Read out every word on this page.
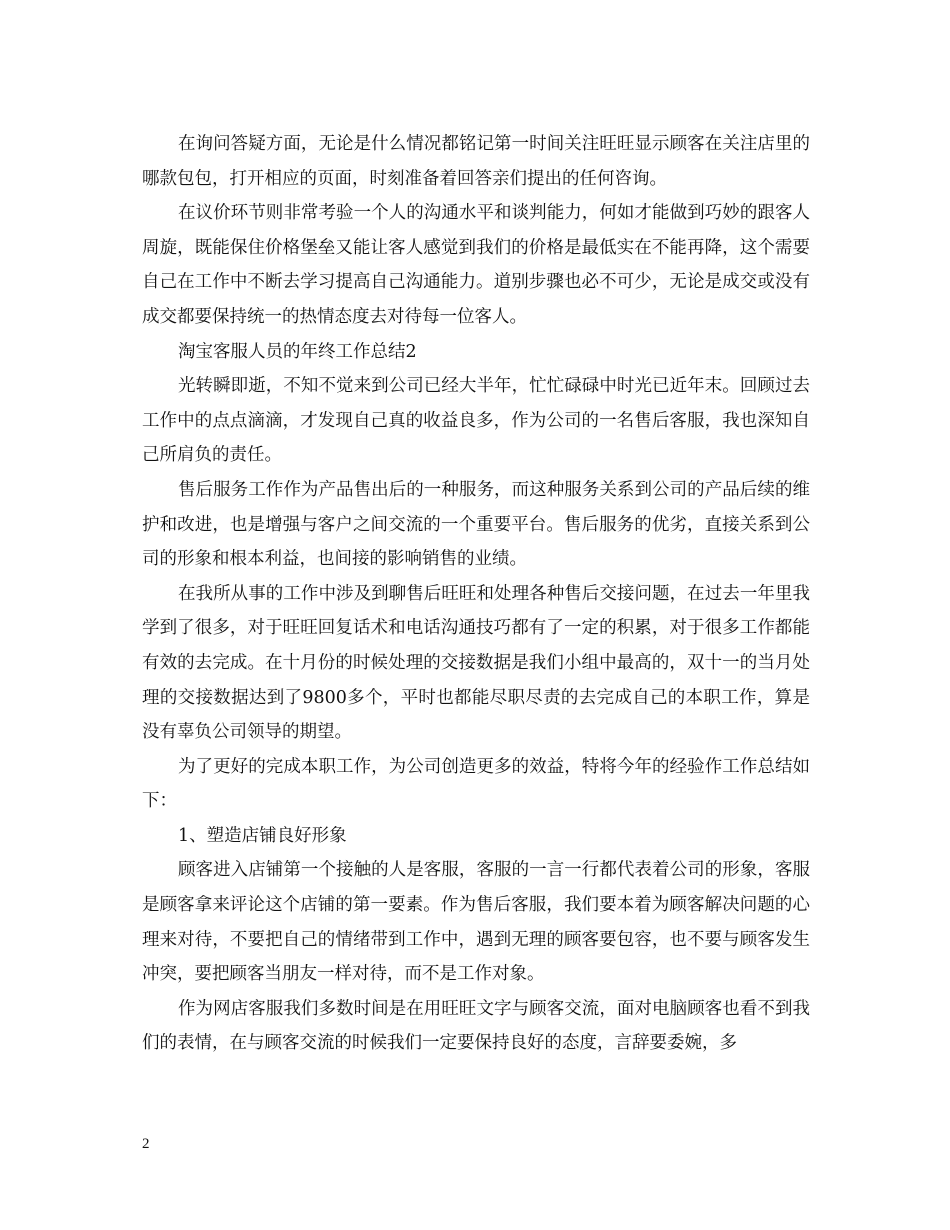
在询问答疑方面，无论是什么情况都铭记第一时间关注旺旺显示顾客在关注店里的哪款包包，打开相应的页面，时刻准备着回答亲们提出的任何咨询。

在议价环节则非常考验一个人的沟通水平和谈判能力，何如才能做到巧妙的跟客人周旋，既能保住价格堡垒又能让客人感觉到我们的价格是最低实在不能再降，这个需要自己在工作中不断去学习提高自己沟通能力。道别步骤也必不可少，无论是成交或没有成交都要保持统一的热情态度去对待每一位客人。

淘宝客服人员的年终工作总结2

光转瞬即逝，不知不觉来到公司已经大半年，忙忙碌碌中时光已近年末。回顾过去工作中的点点滴滴，才发现自己真的收益良多，作为公司的一名售后客服，我也深知自己所肩负的责任。

售后服务工作作为产品售出后的一种服务，而这种服务关系到公司的产品后续的维护和改进，也是增强与客户之间交流的一个重要平台。售后服务的优劣，直接关系到公司的形象和根本利益，也间接的影响销售的业绩。

在我所从事的工作中涉及到聊售后旺旺和处理各种售后交接问题，在过去一年里我学到了很多，对于旺旺回复话术和电话沟通技巧都有了一定的积累，对于很多工作都能有效的去完成。在十月份的时候处理的交接数据是我们小组中最高的，双十一的当月处理的交接数据达到了9800多个，平时也都能尽职尽责的去完成自己的本职工作，算是没有辜负公司领导的期望。

为了更好的完成本职工作，为公司创造更多的效益，特将今年的经验作工作总结如下：

1、塑造店铺良好形象

顾客进入店铺第一个接触的人是客服，客服的一言一行都代表着公司的形象，客服是顾客拿来评论这个店铺的第一要素。作为售后客服，我们要本着为顾客解决问题的心理来对待，不要把自己的情绪带到工作中，遇到无理的顾客要包容，也不要与顾客发生冲突，要把顾客当朋友一样对待，而不是工作对象。

作为网店客服我们多数时间是在用旺旺文字与顾客交流，面对电脑顾客也看不到我们的表情，在与顾客交流的时候我们一定要保持良好的态度，言辞要委婉，多

2
